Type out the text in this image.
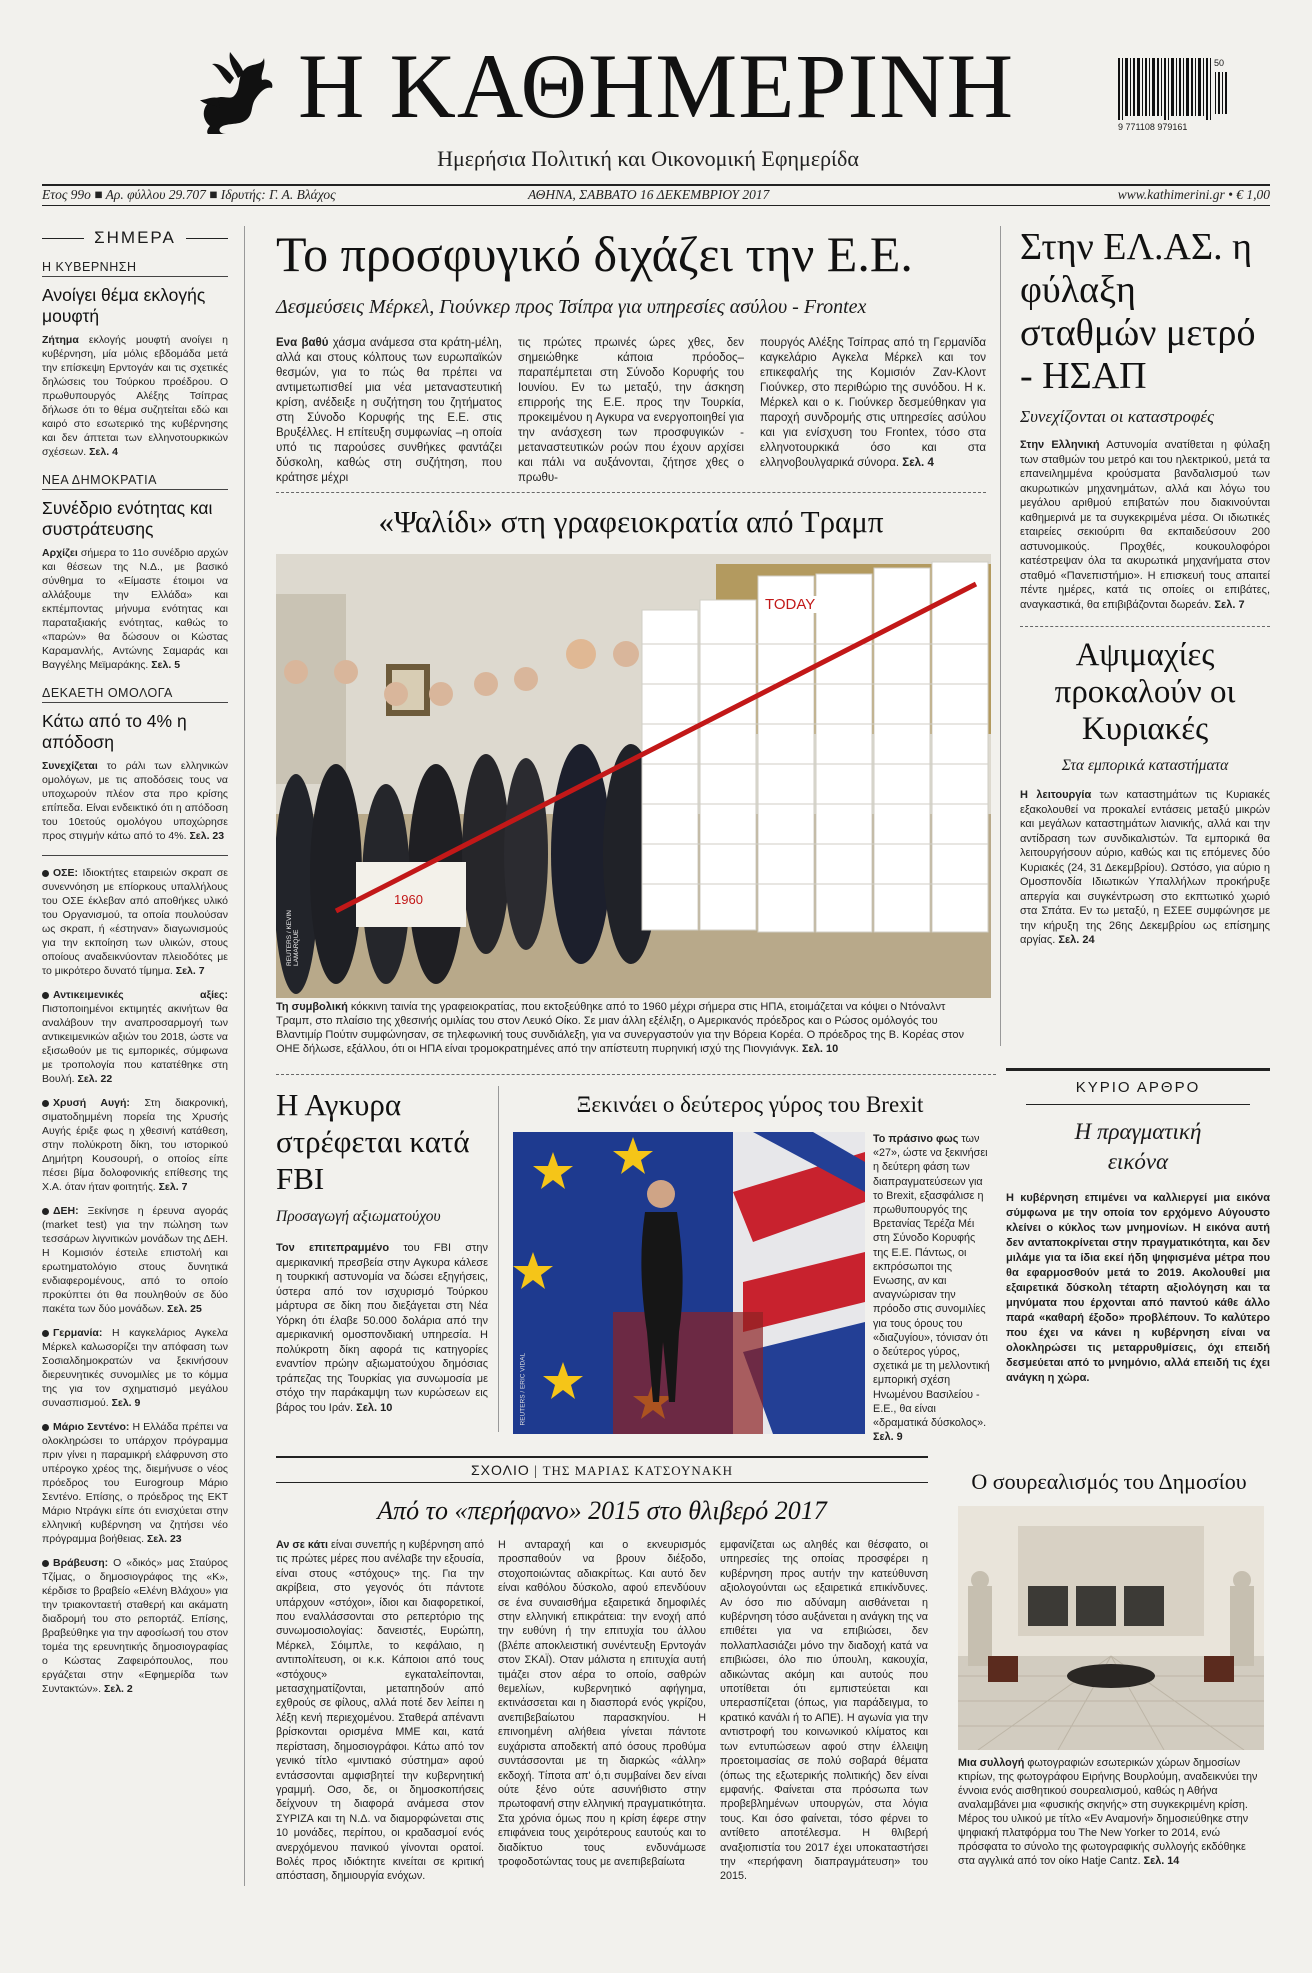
Η ΚΑΘΗΜΕΡΙΝΗ
Ημερήσια Πολιτική και Οικονομική Εφημερίδα
50
9 771108 979161
Ετος 99ο ■ Αρ. φύλλου 29.707 ■ Ιδρυτής: Γ. Α. Βλάχος	ΑΘΗΝΑ, ΣΑΒΒΑΤΟ 16 ΔΕΚΕΜΒΡΙΟΥ 2017	www.kathimerini.gr • € 1,00
ΣΗΜΕΡΑ
Η ΚΥΒΕΡΝΗΣΗ
Ανοίγει θέμα εκλογής μουφτή
Ζήτημα εκλογής μουφτή ανοίγει η κυβέρνηση, μία μόλις εβδομάδα μετά την επίσκεψη Ερντογάν και τις σχετικές δηλώσεις του Τούρκου προέδρου. Ο πρωθυπουργός Αλέξης Τσίπρας δήλωσε ότι το θέμα συζητείται εδώ και καιρό στο εσωτερικό της κυβέρνησης και δεν άπτεται των ελληνοτουρκικών σχέσεων. Σελ. 4
ΝΕΑ ΔΗΜΟΚΡΑΤΙΑ
Συνέδριο ενότητας και συστράτευσης
Αρχίζει σήμερα το 11ο συνέδριο αρχών και θέσεων της Ν.Δ., με βασικό σύνθημα το «Είμαστε έτοιμοι να αλλάξουμε την Ελλάδα» και εκπέμποντας μήνυμα ενότητας και παραταξιακής ενότητας, καθώς το «παρών» θα δώσουν οι Κώστας Καραμανλής, Αντώνης Σαμαράς και Βαγγέλης Μεϊμαράκης. Σελ. 5
ΔΕΚΑΕΤΗ ΟΜΟΛΟΓΑ
Κάτω από το 4% η απόδοση
Συνεχίζεται το ράλι των ελληνικών ομολόγων, με τις αποδόσεις τους να υποχωρούν πλέον στα προ κρίσης επίπεδα. Είναι ενδεικτικό ότι η απόδοση του 10ετούς ομολόγου υποχώρησε προς στιγμήν κάτω από το 4%. Σελ. 23
ΟΣΕ: Ιδιοκτήτες εταιρειών σκραπ σε συνεννόηση με επίορκους υπαλλήλους του ΟΣΕ έκλεβαν από αποθήκες υλικό του Οργανισμού, τα οποία πουλούσαν ως σκραπ, ή «έστηναν» διαγωνισμούς για την εκποίηση των υλικών, στους οποίους αναδεικνύονταν πλειοδότες με το μικρότερο δυνατό τίμημα. Σελ. 7
Αντικειμενικές αξίες: Πιστοποιημένοι εκτιμητές ακινήτων θα αναλάβουν την αναπροσαρμογή των αντικειμενικών αξιών του 2018, ώστε να εξισωθούν με τις εμπορικές, σύμφωνα με τροπολογία που κατατέθηκε στη Βουλή. Σελ. 22
Χρυσή Αυγή: Στη διακρονική, σιματοδημμένη πορεία της Χρυσής Αυγής έριξε φως η χθεσινή κατάθεση, στην πολύκροτη δίκη, του ιστορικού Δημήτρη Κουσουρή, ο οποίος είπε πέσει βίμα δολοφονικής επίθεσης της Χ.Α. όταν ήταν φοιτητής. Σελ. 7
ΔΕΗ: Ξεκίνησε η έρευνα αγοράς (market test) για την πώληση των τεσσάρων λιγνιτικών μονάδων της ΔΕΗ. Η Κομισιόν έστειλε επιστολή και ερωτηματολόγιο στους δυνητικά ενδιαφερομένους, από το οποίο προκύπτει ότι θα πουληθούν σε δύο πακέτα των δύο μονάδων. Σελ. 25
Γερμανία: Η καγκελάριος Αγκελα Μέρκελ καλωσορίζει την απόφαση των Σοσιαλδημοκρατών να ξεκινήσουν διερευνητικές συνομιλίες με το κόμμα της για τον σχηματισμό μεγάλου συνασπισμού. Σελ. 9
Μάριο Σεντένο: Η Ελλάδα πρέπει να ολοκληρώσει το υπάρχον πρόγραμμα πριν γίνει η παραμικρή ελάφρυνση στο υπέρογκο χρέος της, διεμήνυσε ο νέος πρόεδρος του Eurogroup Μάριο Σεντένο. Επίσης, ο πρόεδρος της ΕΚΤ Μάριο Ντράγκι είπε ότι ενισχύεται στην ελληνική κυβέρνηση να ζητήσει νέο πρόγραμμα βοήθειας. Σελ. 23
Βράβευση: Ο «δικός» μας Σταύρος Τζίμας, ο δημοσιογράφος της «Κ», κέρδισε το βραβείο «Ελένη Βλάχου» για την τριακονταετή σταθερή και ακάματη διαδρομή του στο ρεπορτάζ. Επίσης, βραβεύθηκε για την αφοσίωσή του στον τομέα της ερευνητικής δημοσιογραφίας ο Κώστας Ζαφειρόπουλος, που εργάζεται στην «Εφημερίδα των Συντακτών». Σελ. 2
Το προσφυγικό διχάζει την Ε.Ε.
Δεσμεύσεις Μέρκελ, Γιούνκερ προς Τσίπρα για υπηρεσίες ασύλου - Frontex
Ενα βαθύ χάσμα ανάμεσα στα κράτη-μέλη, αλλά και στους κόλπους των ευρωπαϊκών θεσμών, για το πώς θα πρέπει να αντιμετωπισθεί μια νέα μεταναστευτική κρίση, ανέδειξε η συζήτηση του ζητήματος στη Σύνοδο Κορυφής της Ε.Ε. στις Βρυξέλλες. Η επίτευξη συμφωνίας –η οποία υπό τις παρούσες συνθήκες φαντάζει δύσκολη, καθώς στη συζήτηση, που κράτησε μέχρι
τις πρώτες πρωινές ώρες χθες, δεν σημειώθηκε κάποια πρόοδος– παραπέμπεται στη Σύνοδο Κορυφής του Ιουνίου. Εν τω μεταξύ, την άσκηση επιρροής της Ε.Ε. προς την Τουρκία, προκειμένου η Αγκυρα να ενεργοποιηθεί για την ανάσχεση των προσφυγικών - μεταναστευτικών ροών που έχουν αρχίσει και πάλι να αυξάνονται, ζήτησε χθες ο πρωθυ-
πουργός Αλέξης Τσίπρας από τη Γερμανίδα καγκελάριο Αγκελα Μέρκελ και τον επικεφαλής της Κομισιόν Ζαν-Κλοντ Γιούνκερ, στο περιθώριο της συνόδου. Η κ. Μέρκελ και ο κ. Γιούνκερ δεσμεύθηκαν για παροχή συνδρομής στις υπηρεσίες ασύλου και για ενίσχυση του Frontex, τόσο στα ελληνοτουρκικά όσο και στα ελληνοβουλγαρικά σύνορα. Σελ. 4
«Ψαλίδι» στη γραφειοκρατία από Τραμπ
TODAY
1960
REUTERS / KEVIN LAMARQUE
Τη συμβολική κόκκινη ταινία της γραφειοκρατίας, που εκτοξεύθηκε από το 1960 μέχρι σήμερα στις ΗΠΑ, ετοιμάζεται να κόψει ο Ντόναλντ Τραμπ, στο πλαίσιο της χθεσινής ομιλίας του στον Λευκό Οίκο. Σε μιαν άλλη εξέλιξη, ο Αμερικανός πρόεδρος και ο Ρώσος ομόλογός του Βλαντιμίρ Πούτιν συμφώνησαν, σε τηλεφωνική τους συνδιάλεξη, για να συνεργαστούν για την Βόρεια Κορέα. Ο πρόεδρος της Β. Κορέας στον ΟΗΕ δήλωσε, εξάλλου, ότι οι ΗΠΑ είναι τρομοκρατημένες από την απίστευτη πυρηνική ισχύ της Πιονγιάνγκ. Σελ. 10
Στην ΕΛ.ΑΣ. η φύλαξη σταθμών μετρό - ΗΣΑΠ
Συνεχίζονται οι καταστροφές
Στην Ελληνική Αστυνομία ανατίθεται η φύλαξη των σταθμών του μετρό και του ηλεκτρικού, μετά τα επανειλημμένα κρούσματα βανδαλισμού των ακυρωτικών μηχανημάτων, αλλά και λόγω του μεγάλου αριθμού επιβατών που διακινούνται καθημερινά με τα συγκεκριμένα μέσα. Οι ιδιωτικές εταιρείες σεκιούριτι θα εκπαιδεύσουν 200 αστυνομικούς. Προχθές, κουκουλοφόροι κατέστρεψαν όλα τα ακυρωτικά μηχανήματα στον σταθμό «Πανεπιστήμιο». Η επισκευή τους απαιτεί πέντε ημέρες, κατά τις οποίες οι επιβάτες, αναγκαστικά, θα επιβιβάζονται δωρεάν. Σελ. 7
Αψιμαχίες προκαλούν οι Κυριακές
Στα εμπορικά καταστήματα
Η λειτουργία των καταστημάτων τις Κυριακές εξακολουθεί να προκαλεί εντάσεις μεταξύ μικρών και μεγάλων καταστημάτων λιανικής, αλλά και την αντίδραση των συνδικαλιστών. Τα εμπορικά θα λειτουργήσουν αύριο, καθώς και τις επόμενες δύο Κυριακές (24, 31 Δεκεμβρίου). Ωστόσο, για αύριο η Ομοσπονδία Ιδιωτικών Υπαλλήλων προκήρυξε απεργία και συγκέντρωση στο εκπτωτικό χωριό στα Σπάτα. Εν τω μεταξύ, η ΕΣΕΕ συμφώνησε με την κήρυξη της 26ης Δεκεμβρίου ως επίσημης αργίας. Σελ. 24
ΚΥΡΙΟ ΑΡΘΡΟ
Η πραγματική εικόνα
Η κυβέρνηση επιμένει να καλλιεργεί μια εικόνα σύμφωνα με την οποία τον ερχόμενο Αύγουστο κλείνει ο κύκλος των μνημονίων. Η εικόνα αυτή δεν ανταποκρίνεται στην πραγματικότητα, και δεν μιλάμε για τα ίδια εκεί ήδη ψηφισμένα μέτρα που θα εφαρμοσθούν μετά το 2019. Ακολουθεί μια εξαιρετικά δύσκολη τέταρτη αξιολόγηση και τα μηνύματα που έρχονται από παντού κάθε άλλο παρά «καθαρή έξοδο» προβλέπουν. Το καλύτερο που έχει να κάνει η κυβέρνηση είναι να ολοκληρώσει τις μεταρρυθμίσεις, όχι επειδή δεσμεύεται από το μνημόνιο, αλλά επειδή τις έχει ανάγκη η χώρα.
Η Αγκυρα στρέφεται κατά FBI
Προσαγωγή αξιωματούχου
Τον επιτεπραμμένο του FBI στην αμερικανική πρεσβεία στην Αγκυρα κάλεσε η τουρκική αστυνομία να δώσει εξηγήσεις, ύστερα από τον ισχυρισμό Τούρκου μάρτυρα σε δίκη που διεξάγεται στη Νέα Υόρκη ότι έλαβε 50.000 δολάρια από την αμερικανική ομοσπονδιακή υπηρεσία. Η πολύκροτη δίκη αφορά τις κατηγορίες εναντίον πρώην αξιωματούχου δημόσιας τράπεζας της Τουρκίας για συνωμοσία με στόχο την παράκαμψη των κυρώσεων εις βάρος του Ιράν. Σελ. 10
Ξεκινάει ο δεύτερος γύρος του Brexit
REUTERS / ERIC VIDAL
Το πράσινο φως των «27», ώστε να ξεκινήσει η δεύτερη φάση των διαπραγματεύσεων για το Brexit, εξασφάλισε η πρωθυπουργός της Βρετανίας Τερέζα Μέι στη Σύνοδο Κορυφής της Ε.Ε. Πάντως, οι εκπρόσωποι της Ενωσης, αν και αναγνώρισαν την πρόοδο στις συνομιλίες για τους όρους του «διαζυγίου», τόνισαν ότι ο δεύτερος γύρος, σχετικά με τη μελλοντική εμπορική σχέση Ηνωμένου Βασιλείου - Ε.Ε., θα είναι «δραματικά δύσκολος». Σελ. 9
ΣΧΟΛΙΟ | ΤΗΣ ΜΑΡΙΑΣ ΚΑΤΣΟΥΝΑΚΗ
Από το «περήφανο» 2015 στο θλιβερό 2017
Αν σε κάτι είναι συνεπής η κυβέρνηση από τις πρώτες μέρες που ανέλαβε την εξουσία, είναι στους «στόχους» της. Για την ακρίβεια, στο γεγονός ότι πάντοτε υπάρχουν «στόχοι», ίδιοι και διαφορετικοί, που εναλλάσσονται στο ρεπερτόριο της συνωμοσιολογίας: δανειστές, Ευρώπη, Μέρκελ, Σόιμπλε, το κεφάλαιο, η αντιπολίτευση, οι κ.κ. Κάποιοι από τους «στόχους» εγκαταλείπονται, μετασχηματίζονται, μεταπηδούν από εχθρούς σε φίλους, αλλά ποτέ δεν λείπει η λέξη κενή περιεχομένου. Σταθερά απέναντι βρίσκονται ορισμένα ΜΜΕ και, κατά περίσταση, δημοσιογράφοι. Κάτω από τον γενικό τίτλο «μιντιακό σύστημα» αφού εντάσσονται αμφισβητεί την κυβερνητική γραμμή. Οσο, δε, οι δημοσκοπήσεις δείχνουν τη διαφορά ανάμεσα στον ΣΥΡΙΖΑ και τη Ν.Δ. να διαμορφώνεται στις 10 μονάδες, περίπου, οι κραδασμοί ενός ανερχόμενου πανικού γίνονται ορατοί. Βολές προς ιδιόκτητε κινείται σε κριτική απόσταση, δημιουργία ενόχων.
Η ανταραχή και ο εκνευρισμός προσπαθούν να βρουν διέξοδο, στοχοποιώντας αδιακρίτως. Και αυτό δεν είναι καθόλου δύσκολο, αφού επενδύουν σε ένα συναισθήμα εξαιρετικά δημοφιλές στην ελληνική επικράτεια: την ενοχή από την ευθύνη ή την επιτυχία του άλλου (βλέπε αποκλειστική συνέντευξη Ερντογάν στον ΣΚΑΪ). Οταν μάλιστα η επιτυχία αυτή τιμάζει στον αέρα το οποίο, σαθρών θεμελίων, κυβερνητικό αφήγημα, εκτινάσσεται και η διασπορά ενός γκρίζου, ανεπιβεβαίωτου παρασκηνίου. Η επινοημένη αλήθεια γίνεται πάντοτε ευχάριστα αποδεκτή από όσους προθύμα συντάσσονται με τη διαρκώς «άλλη» εκδοχή. Τίποτα απ' ό,τι συμβαίνει δεν είναι ούτε ξένο ούτε ασυνήθιστο στην πρωτοφανή στην ελληνική πραγματικότητα. Στα χρόνια όμως που η κρίση έφερε στην επιφάνεια τους χειρότερους εαυτούς και το διαδίκτυο τους ενδυνάμωσε τροφοδοτώντας τους με ανεπιβεβαίωτα
εμφανίζεται ως αληθές και θέσφατο, οι υπηρεσίες της οποίας προσφέρει η κυβέρνηση προς αυτήν την κατεύθυνση αξιολογούνται ως εξαιρετικά επικίνδυνες. Αν όσο πιο αδύναμη αισθάνεται η κυβέρνηση τόσο αυξάνεται η ανάγκη της να επιθέτει για να επιβιώσει, δεν πολλαπλασιάζει μόνο την διαδοχή κατά να επιβιώσει, όλο πιο ύπουλη, κακουχία, αδικώντας ακόμη και αυτούς που υποτίθεται ότι εμπιστεύεται και υπερασπίζεται (όπως, για παράδειγμα, το κρατικό κανάλι ή το ΑΠΕ). Η αγωνία για την αντιστροφή του κοινωνικού κλίματος και των εντυπώσεων αφού στην έλλειψη προετοιμασίας σε πολύ σοβαρά θέματα (όπως της εξωτερικής πολιτικής) δεν είναι εμφανής. Φαίνεται στα πρόσωπα των προβεβλημένων υπουργών, στα λόγια τους. Και όσο φαίνεται, τόσο φέρνει το αντίθετο αποτέλεσμα. Η θλιβερή αναξιοπιστία του 2017 έχει υποκαταστήσει την «περήφανη διαπραγμάτευση» του 2015.
Ο σουρεαλισμός του Δημοσίου
Μια συλλογή φωτογραφιών εσωτερικών χώρων δημοσίων κτιρίων, της φωτογράφου Ειρήνης Βουρλούμη, αναδεικνύει την έννοια ενός αισθητικού σουρεαλισμού, καθώς η Αθήνα αναλαμβάνει μια «φυσικής σκηνής» στη συγκεκριμένη κρίση. Μέρος του υλικού με τίτλο «Εν Αναμονή» δημοσιεύθηκε στην ψηφιακή πλατφόρμα του The New Yorker το 2014, ενώ πρόσφατα το σύνολο της φωτογραφικής συλλογής εκδόθηκε στα αγγλικά από τον οίκο Hatje Cantz. Σελ. 14
